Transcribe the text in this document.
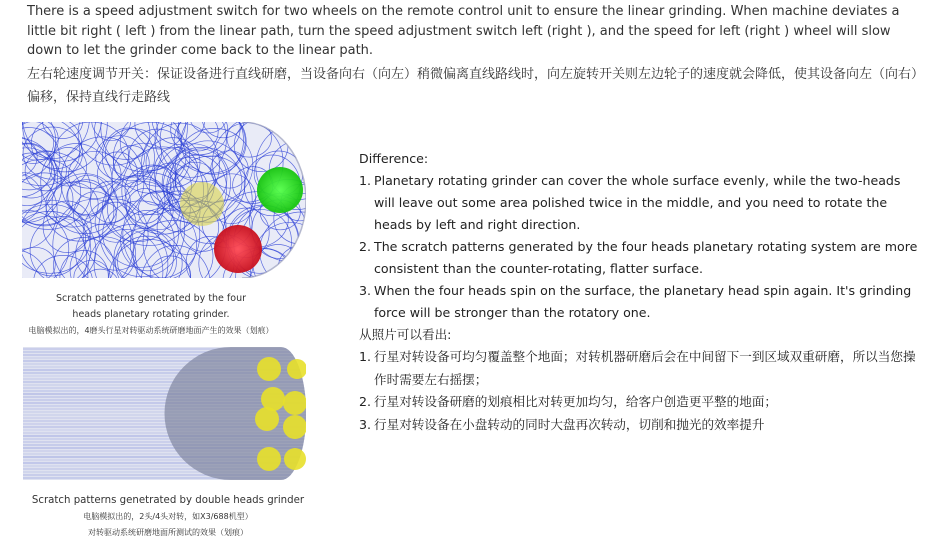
There is a speed adjustment switch for two wheels on the remote control unit to ensure the linear grinding. When machine deviates a little bit right ( left ) from the linear path, turn the speed adjustment switch left (right ), and the speed for left (right ) wheel will slow down to let the grinder come back to the linear path.

左右轮速度调节开关：保证设备进行直线研磨，当设备向右（向左）稍微偏离直线路线时，向左旋转开关则左边轮子的速度就会降低，使其设备向左（向右）偏移，保持直线行走路线

Scratch patterns genetrated by the four heads planetary rotating grinder.
电脑模拟出的，4磨头行星对转驱动系统研磨地面产生的效果（划痕）
Scratch patterns genetrated by double heads grinder
电脑模拟出的，2头/4头对转，如X3/688机型）
对转驱动系统研磨地面所测试的效果（划痕）
Difference:
1. Planetary rotating grinder can cover the whole surface evenly, while the two-heads will leave out some area polished twice in the middle, and you need to rotate the heads by left and right direction.
2. The scratch patterns generated by the four heads planetary rotating system are more consistent than the counter-rotating, flatter surface.
3. When the four heads spin on the surface, the planetary head spin again. It's grinding force will be stronger than the rotatory one.
从照片可以看出:
1. 行星对转设备可均匀覆盖整个地面；对转机器研磨后会在中间留下一到区域双重研磨，所以当您操作时需要左右摇摆；
2. 行星对转设备研磨的划痕相比对转更加均匀，给客户创造更平整的地面；
3. 行星对转设备在小盘转动的同时大盘再次转动，切削和抛光的效率提升
